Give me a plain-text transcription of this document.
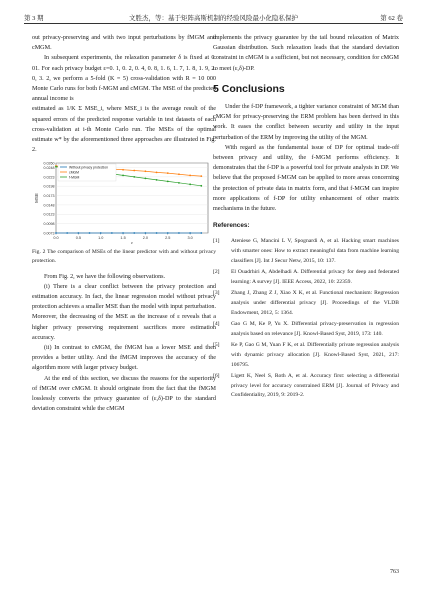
第 3 期	文胜杰，等：基于矩阵高斯机制的经验风险最小化隐私保护	第 62 卷

out privacy-preserving and with two input perturbations by fMGM and cMGM.

In subsequent experiments, the relaxation parameter δ is fixed at 0. 01. For each privacy budget ε=0. 1, 0. 2, 0. 4, 0. 8, 1. 6, 1. 7, 1. 8, 1. 9, 2. 0, 3. 2, we perform a 5-fold (K = 5) cross-validation with R = 10 000 Monte Carlo runs for both f-MGM and cMGM. The MSE of the predicted annual income is

estimated as 1/K Σ MSE_i, where MSE_i is the average result of the squared errors of the predicted response variable in test datasets of each cross-validation at i-th Monte Carlo run. The MSEs of the optimal estimate w* by the aforementioned three approaches are illustrated in Fig. 2.

0.0073
0.0098
0.0123
0.0148
0.0173
0.0198
0.0223
0.0248
0.0260
0.0	0.5	1.0	1.5	2.0	2.5	3.0
MSE
ε
Without privacy protection
cMGM
f-MGM
Fig. 2 The comparison of MSEs of the linear predictor with and without privacy protection.

From Fig. 2, we have the following observations.

(i) There is a clear conflict between the privacy protection and estimation accuracy. In fact, the linear regression model without privacy protection achieves a smaller MSE than the model with input perturbation. Moreover, the decreasing of the MSE as the increase of ε reveals that a higher privacy preserving requirement sacrifices more estimation accuracy.

(ii) In contrast to cMGM, the fMGM has a lower MSE and then provides a better utility. And the fMGM improves the accuracy of the algorithm more with larger privacy budget.

At the end of this section, we discuss the reasons for the superiority of fMGM over cMGM. It should originate from the fact that the fMGM losslessly converts the privacy guarantee of (ε,δ)-DP to the standard deviation constraint while the cMGM

implements the privacy guarantee by the tail bound relaxation of Matrix Gaussian distribution. Such relaxation leads that the standard deviation constraint in cMGM is a sufficient, but not necessary, condition for cMGM to meet (ε,δ)-DP.

5 Conclusions

Under the f-DP framework, a tighter variance constraint of MGM than cMGM for privacy-preserving the ERM problem has been derived in this work. It eases the conflict between security and utility in the input perturbation of the ERM by improving the utility of the MGM.

With regard as the fundamental issue of DP for optimal trade-off between privacy and utility, the f-MGM performs efficiency. It demonstrates that the f-DP is a powerful tool for private analysis in DP. We believe that the proposed f-MGM can be applied to more areas concerning the protection of private data in matrix form, and that f-MGM can inspire more applications of f-DP for utility enhancement of other matrix mechanisms in the future.

References:
[1]	Ateniese G, Mancini L V, Spognardi A, et al. Hacking smart machines with smarter ones: How to extract meaningful data from machine learning classifiers [J]. Int J Secur Netw, 2015, 10: 137.
[2]	El Ouadrhiri A, Abdelhadi A. Differential privacy for deep and federated learning: A survey [J]. IEEE Access, 2022, 10: 22359.
[3]	Zhang J, Zhang Z J, Xiao X K, et al. Functional mechanism: Regression analysis under differential privacy [J]. Proceedings of the VLDB Endowment, 2012, 5: 1364.
[4]	Gao G M, Ke P, Yu X. Differential privacy-preservation in regression analysis based on relevance [J]. Knowl-Based Syst, 2019, 173: 140.
[5]	Ke P, Gao G M, Yuan F K, et al. Differentially private regression analysis with dynamic privacy allocation [J]. Knowl-Based Syst, 2021, 217: 106795.
[6]	Ligett K, Neel S, Roth A, et al. Accuracy first: selecting a differential privacy level for accuracy constrained ERM [J]. Journal of Privacy and Confidentiality, 2019, 9: 2019-2.
763
